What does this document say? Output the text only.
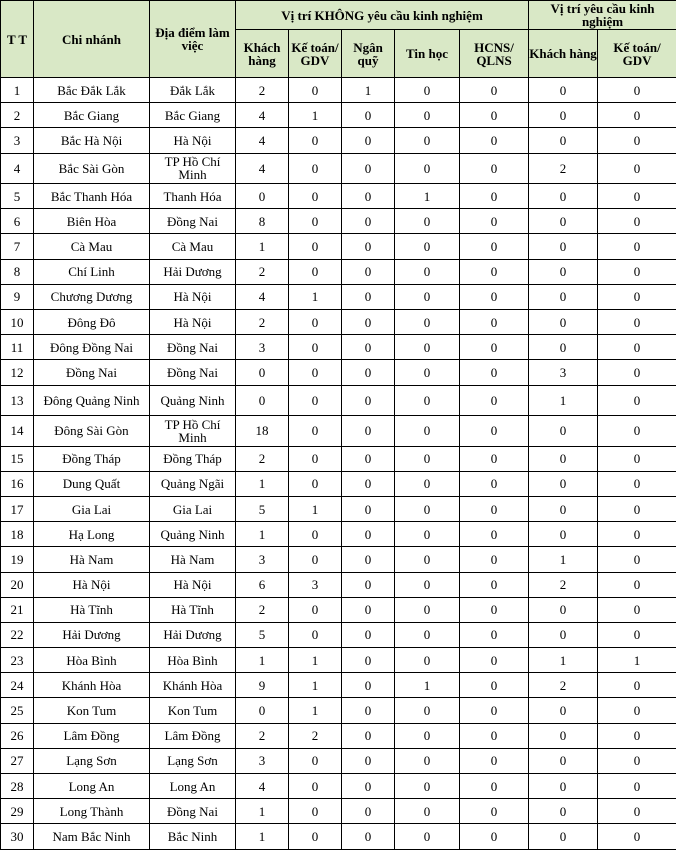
T T	Chi nhánh	Địa điểm làm việc	Vị trí KHÔNG yêu cầu kinh nghiệm					Vị trí yêu cầu kinh nghiệm	
			Khách hàng	Kế toán/ GDV	Ngân quỹ	Tin học	HCNS/ QLNS	Khách hàng	Kế toán/ GDV
1	Bắc Đắk Lắk	Đắk Lắk	2	0	1	0	0	0	0
2	Bắc Giang	Bắc Giang	4	1	0	0	0	0	0
3	Bắc Hà Nội	Hà Nội	4	0	0	0	0	0	0
4	Bắc Sài Gòn	TP Hồ Chí Minh	4	0	0	0	0	2	0
5	Bắc Thanh Hóa	Thanh Hóa	0	0	0	1	0	0	0
6	Biên Hòa	Đồng Nai	8	0	0	0	0	0	0
7	Cà Mau	Cà Mau	1	0	0	0	0	0	0
8	Chí Linh	Hải Dương	2	0	0	0	0	0	0
9	Chương Dương	Hà Nội	4	1	0	0	0	0	0
10	Đông Đô	Hà Nội	2	0	0	0	0	0	0
11	Đông Đồng Nai	Đồng Nai	3	0	0	0	0	0	0
12	Đồng Nai	Đồng Nai	0	0	0	0	0	3	0
13	Đông Quảng Ninh	Quảng Ninh	0	0	0	0	0	1	0
14	Đông Sài Gòn	TP Hồ Chí Minh	18	0	0	0	0	0	0
15	Đồng Tháp	Đồng Tháp	2	0	0	0	0	0	0
16	Dung Quất	Quảng Ngãi	1	0	0	0	0	0	0
17	Gia Lai	Gia Lai	5	1	0	0	0	0	0
18	Hạ Long	Quảng Ninh	1	0	0	0	0	0	0
19	Hà Nam	Hà Nam	3	0	0	0	0	1	0
20	Hà Nội	Hà Nội	6	3	0	0	0	2	0
21	Hà Tĩnh	Hà Tĩnh	2	0	0	0	0	0	0
22	Hải Dương	Hải Dương	5	0	0	0	0	0	0
23	Hòa Bình	Hòa Bình	1	1	0	0	0	1	1
24	Khánh Hòa	Khánh Hòa	9	1	0	1	0	2	0
25	Kon Tum	Kon Tum	0	1	0	0	0	0	0
26	Lâm Đồng	Lâm Đồng	2	2	0	0	0	0	0
27	Lạng Sơn	Lạng Sơn	3	0	0	0	0	0	0
28	Long An	Long An	4	0	0	0	0	0	0
29	Long Thành	Đồng Nai	1	0	0	0	0	0	0
30	Nam Bắc Ninh	Bắc Ninh	1	0	0	0	0	0	0
